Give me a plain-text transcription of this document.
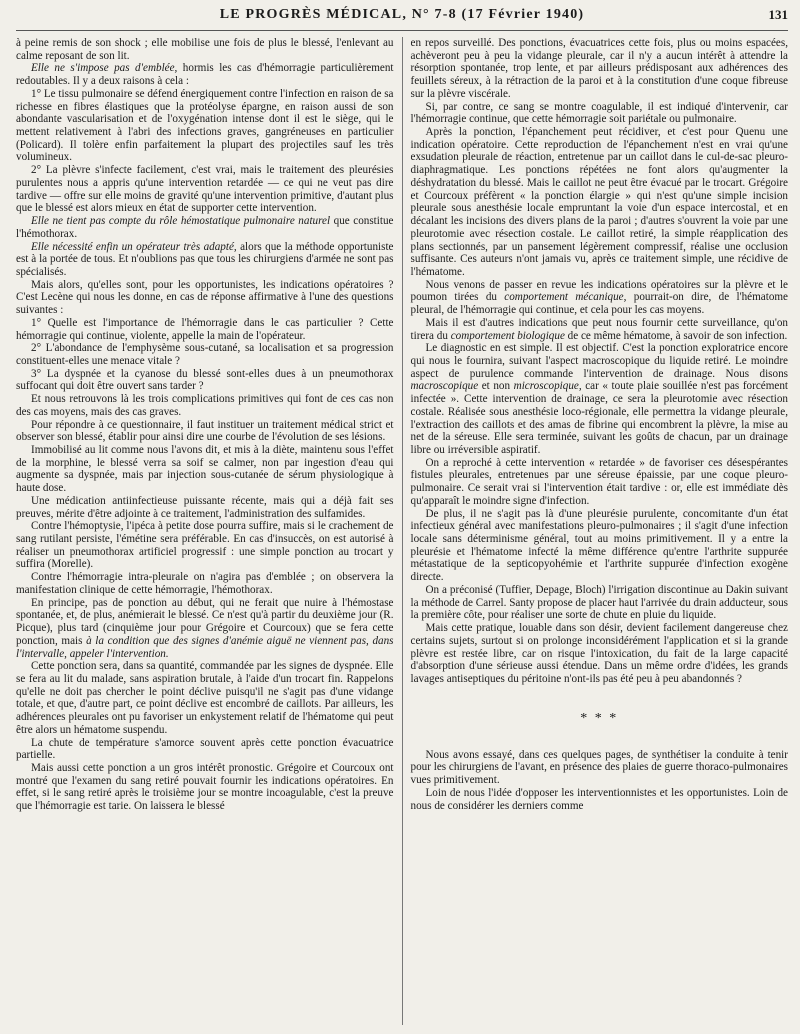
LE PROGRÈS MÉDICAL, N° 7-8 (17 Février 1940)	131

à peine remis de son shock ; elle mobilise une fois de plus le blessé, l'enlevant au calme reposant de son lit.

Elle ne s'impose pas d'emblée, hormis les cas d'hémorragie particulièrement redoutables. Il y a deux raisons à cela :

1° Le tissu pulmonaire se défend énergiquement contre l'infection en raison de sa richesse en fibres élastiques que la protéolyse épargne, en raison aussi de son abondante vascularisation et de l'oxygénation intense dont il est le siège, qui le mettent relativement à l'abri des infections graves, gangréneuses en particulier (Policard). Il tolère enfin parfaitement la plupart des projectiles sauf les très volumineux.

2° La plèvre s'infecte facilement, c'est vrai, mais le traitement des pleurésies purulentes nous a appris qu'une intervention retardée — ce qui ne veut pas dire tardive — offre sur elle moins de gravité qu'une intervention primitive, d'autant plus que le blessé est alors mieux en état de supporter cette intervention.

Elle ne tient pas compte du rôle hémostatique pulmonaire naturel que constitue l'hémothorax.

Elle nécessité enfin un opérateur très adapté, alors que la méthode opportuniste est à la portée de tous. Et n'oublions pas que tous les chirurgiens d'armée ne sont pas spécialisés.

Mais alors, qu'elles sont, pour les opportunistes, les indications opératoires ? C'est Lecène qui nous les donne, en cas de réponse affirmative à l'une des questions suivantes :

1° Quelle est l'importance de l'hémorragie dans le cas particulier ? Cette hémorragie qui continue, violente, appelle la main de l'opérateur.

2° L'abondance de l'emphysème sous-cutané, sa localisation et sa progression constituent-elles une menace vitale ?

3° La dyspnée et la cyanose du blessé sont-elles dues à un pneumothorax suffocant qui doit être ouvert sans tarder ?

Et nous retrouvons là les trois complications primitives qui font de ces cas non des cas moyens, mais des cas graves.

Pour répondre à ce questionnaire, il faut instituer un traitement médical strict et observer son blessé, établir pour ainsi dire une courbe de l'évolution de ses lésions.

Immobilisé au lit comme nous l'avons dit, et mis à la diète, maintenu sous l'effet de la morphine, le blessé verra sa soif se calmer, non par ingestion d'eau qui augmente sa dyspnée, mais par injection sous-cutanée de sérum physiologique à haute dose.

Une médication antiinfectieuse puissante récente, mais qui a déjà fait ses preuves, mérite d'être adjointe à ce traitement, l'administration des sulfamides.

Contre l'hémoptysie, l'ipéca à petite dose pourra suffire, mais si le crachement de sang rutilant persiste, l'émétine sera préférable. En cas d'insuccès, on est autorisé à réaliser un pneumothorax artificiel progressif : une simple ponction au trocart y suffira (Morelle).

Contre l'hémorragie intra-pleurale on n'agira pas d'emblée ; on observera la manifestation clinique de cette hémorragie, l'hémothorax.

En principe, pas de ponction au début, qui ne ferait que nuire à l'hémostase spontanée, et, de plus, anémierait le blessé. Ce n'est qu'à partir du deuxième jour (R. Picque), plus tard (cinquième jour pour Grégoire et Courcoux) que se fera cette ponction, mais à la condition que des signes d'anémie aiguë ne viennent pas, dans l'intervalle, appeler l'intervention.

Cette ponction sera, dans sa quantité, commandée par les signes de dyspnée. Elle se fera au lit du malade, sans aspiration brutale, à l'aide d'un trocart fin. Rappelons qu'elle ne doit pas chercher le point déclive puisqu'il ne s'agit pas d'une vidange totale, et que, d'autre part, ce point déclive est encombré de caillots. Par ailleurs, les adhérences pleurales ont pu favoriser un enkystement relatif de l'hématome qui peut être alors un hématome suspendu.

La chute de température s'amorce souvent après cette ponction évacuatrice partielle.

Mais aussi cette ponction a un gros intérêt pronostic. Grégoire et Courcoux ont montré que l'examen du sang retiré pouvait fournir les indications opératoires. En effet, si le sang retiré après le troisième jour se montre incoagulable, c'est la preuve que l'hémorragie est tarie. On laissera le blessé

en repos surveillé. Des ponctions, évacuatrices cette fois, plus ou moins espacées, achèveront peu à peu la vidange pleurale, car il n'y a aucun intérêt à attendre la résorption spontanée, trop lente, et par ailleurs prédisposant aux adhérences des feuillets séreux, à la rétraction de la paroi et à la constitution d'une coque fibreuse sur la plèvre viscérale.

Si, par contre, ce sang se montre coagulable, il est indiqué d'intervenir, car l'hémorragie continue, que cette hémorragie soit pariétale ou pulmonaire.

Après la ponction, l'épanchement peut récidiver, et c'est pour Quenu une indication opératoire. Cette reproduction de l'épanchement n'est en vrai qu'une exsudation pleurale de réaction, entretenue par un caillot dans le cul-de-sac pleuro-diaphragmatique. Les ponctions répétées ne font alors qu'augmenter la déshydratation du blessé. Mais le caillot ne peut être évacué par le trocart. Grégoire et Courcoux préfèrent « la ponction élargie » qui n'est qu'une simple incision pleurale sous anesthésie locale empruntant la voie d'un espace intercostal, et en décalant les incisions des divers plans de la paroi ; d'autres s'ouvrent la voie par une pleurotomie avec résection costale. Le caillot retiré, la simple réapplication des plans sectionnés, par un pansement légèrement compressif, réalise une occlusion suffisante. Ces auteurs n'ont jamais vu, après ce traitement simple, une récidive de l'hématome.

Nous venons de passer en revue les indications opératoires sur la plèvre et le poumon tirées du comportement mécanique, pourrait-on dire, de l'hématome pleural, de l'hémorragie qui continue, et cela pour les cas moyens.

Mais il est d'autres indications que peut nous fournir cette surveillance, qu'on tirera du comportement biologique de ce même hématome, à savoir de son infection.

Le diagnostic en est simple. Il est objectif. C'est la ponction exploratrice encore qui nous le fournira, suivant l'aspect macroscopique du liquide retiré. Le moindre aspect de purulence commande l'intervention de drainage. Nous disons macroscopique et non microscopique, car « toute plaie souillée n'est pas forcément infectée ». Cette intervention de drainage, ce sera la pleurotomie avec résection costale. Réalisée sous anesthésie loco-régionale, elle permettra la vidange pleurale, l'extraction des caillots et des amas de fibrine qui encombrent la plèvre, la mise au net de la séreuse. Elle sera terminée, suivant les goûts de chacun, par un drainage libre ou irréversible aspiratif.

On a reproché à cette intervention « retardée » de favoriser ces désespérantes fistules pleurales, entretenues par une séreuse épaissie, par une coque pleuro-pulmonaire. Ce serait vrai si l'intervention était tardive : or, elle est immédiate dès qu'apparaît le moindre signe d'infection.

De plus, il ne s'agit pas là d'une pleurésie purulente, concomitante d'un état infectieux général avec manifestations pleuro-pulmonaires ; il s'agit d'une infection locale sans déterminisme général, tout au moins primitivement. Il y a entre la pleurésie et l'hématome infecté la même différence qu'entre l'arthrite suppurée métastatique de la septicopyohémie et l'arthrite suppurée d'infection exogène directe.

On a préconisé (Tuffier, Depage, Bloch) l'irrigation discontinue au Dakin suivant la méthode de Carrel. Santy propose de placer haut l'arrivée du drain adducteur, sous la première côte, pour réaliser une sorte de chute en pluie du liquide.

Mais cette pratique, louable dans son désir, devient facilement dangereuse chez certains sujets, surtout si on prolonge inconsidérément l'application et si la grande plèvre est restée libre, car on risque l'intoxication, du fait de la large capacité d'absorption d'une sérieuse aussi étendue. Dans un même ordre d'idées, les grands lavages antiseptiques du péritoine n'ont-ils pas été peu à peu abandonnés ?

* * *

Nous avons essayé, dans ces quelques pages, de synthétiser la conduite à tenir pour les chirurgiens de l'avant, en présence des plaies de guerre thoraco-pulmonaires vues primitivement.

Loin de nous l'idée d'opposer les interventionnistes et les opportunistes. Loin de nous de considérer les derniers comme
